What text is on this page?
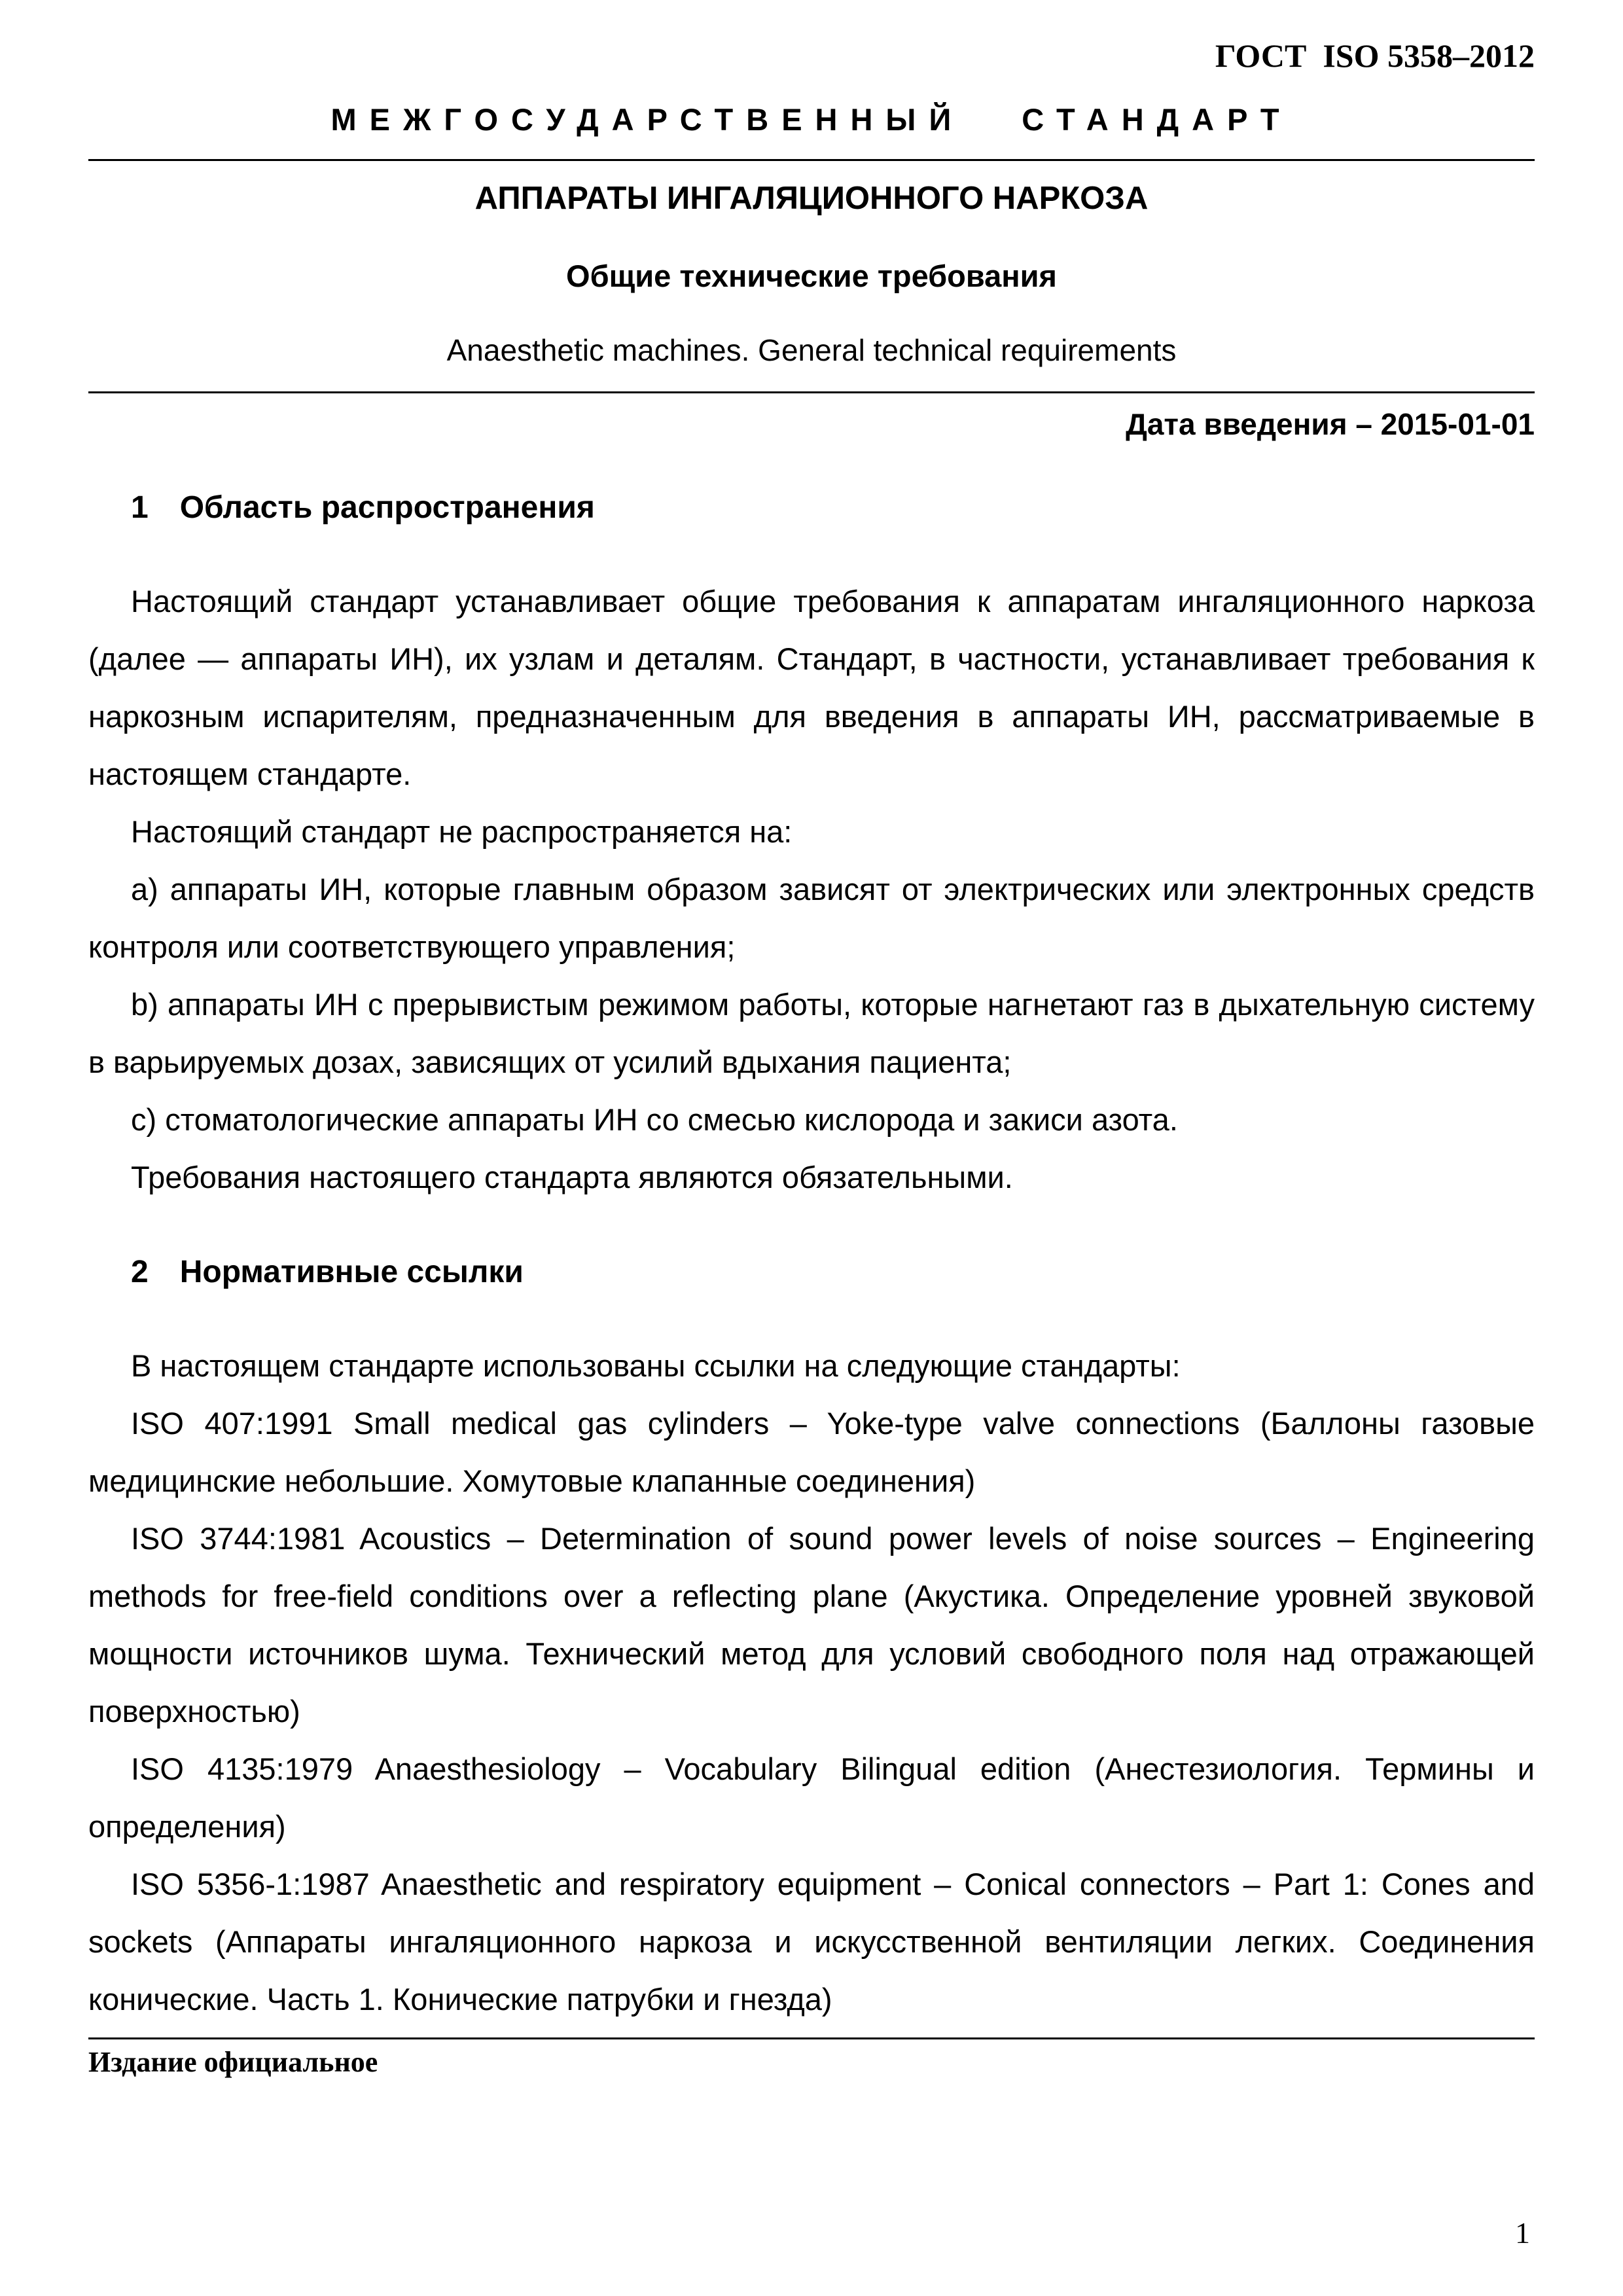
ГОСТ  ISO 5358–2012
МЕЖГОСУДАРСТВЕННЫЙ СТАНДАРТ
АППАРАТЫ ИНГАЛЯЦИОННОГО НАРКОЗА
Общие технические требования
Anaesthetic machines. General technical requirements
Дата введения – 2015-01-01
1 Область распространения
Настоящий стандарт устанавливает общие требования к аппаратам ингаляционного наркоза (далее — аппараты ИН), их узлам и деталям. Стандарт, в частности, устанавливает требования к наркозным испарителям, предназначенным для введения в аппараты ИН, рассматриваемые в настоящем стандарте.
Настоящий стандарт не распространяется на:
a) аппараты ИН, которые главным образом зависят от электрических или электронных средств контроля или соответствующего управления;
b) аппараты ИН с прерывистым режимом работы, которые нагнетают газ в дыхательную систему в варьируемых дозах, зависящих от усилий вдыхания пациента;
c) стоматологические аппараты ИН со смесью кислорода и закиси азота.
Требования настоящего стандарта являются обязательными.
2 Нормативные ссылки
В настоящем стандарте использованы ссылки на следующие стандарты:
ISO 407:1991 Small medical gas cylinders – Yoke-type valve connections (Баллоны газовые медицинские небольшие. Хомутовые клапанные соединения)
ISO 3744:1981 Acoustics – Determination of sound power levels of noise sources – Engineering methods for free-field conditions over a reflecting plane (Акустика. Определение уровней звуковой мощности источников шума. Технический метод для условий свободного поля над отражающей поверхностью)
ISO 4135:1979 Anaesthesiology – Vocabulary Bilingual edition (Анестезиология. Термины и определения)
ISO 5356-1:1987 Anaesthetic and respiratory equipment – Conical connectors – Part 1: Cones and sockets (Аппараты ингаляционного наркоза и искусственной вентиляции легких. Соединения конические. Часть 1. Конические патрубки и гнезда)
Издание официальное
1
